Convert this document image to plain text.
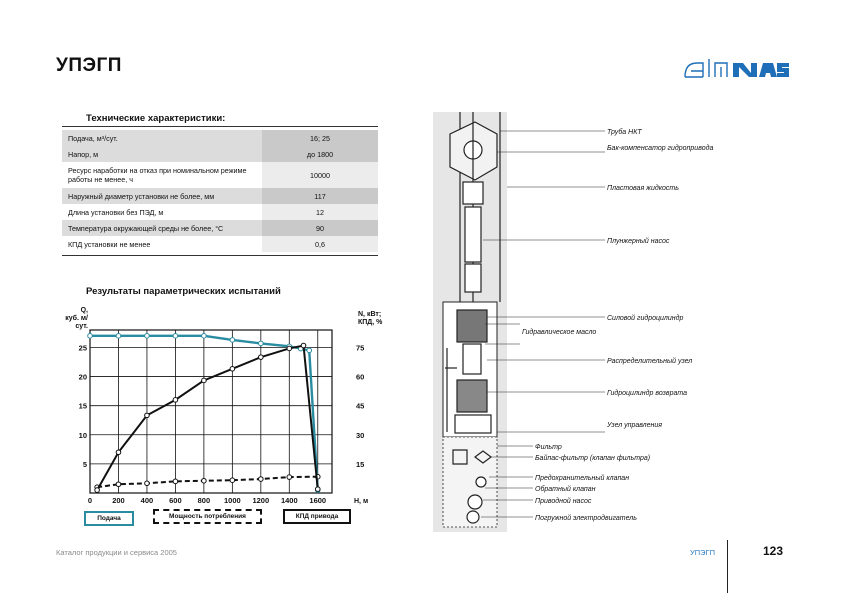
УПЭГП
Технические характеристики:
Подача, м³/сут.	16; 25
Напор, м	до 1800
Ресурс наработки на отказ при номинальном режиме работы не менее, ч	10000
Наружный диаметр установки не более, мм	117
Длина установки без ПЭД, м	12
Температура окружающей среды не более, °С	90
КПД установки не менее	0,6
Результаты параметрических испытаний
0	200 400 600 800 1000 1200 1400 1600
5
10
15
20
25
15
30
45
60
75
Q,
куб. м/
сут.
N, кВт;
КПД, %
Н, м
Подача	Мощность потребления	КПД привода
Труба НКТ
Бак-компенсатор гидропривода
Пластовая жидкость
Плунжерный насос
Силовой гидроцилиндр
Гидравлическое масло
Распределительный узел
Гидроцилиндр возврата
Узел управления
Фильтр
Байпас-фильтр (клапан фильтра)
Предохранительный клапан
Обратный клапан
Приводной насос
Погружной электродвигатель
Каталог продукции и сервиса 2005	УПЭГП	123
